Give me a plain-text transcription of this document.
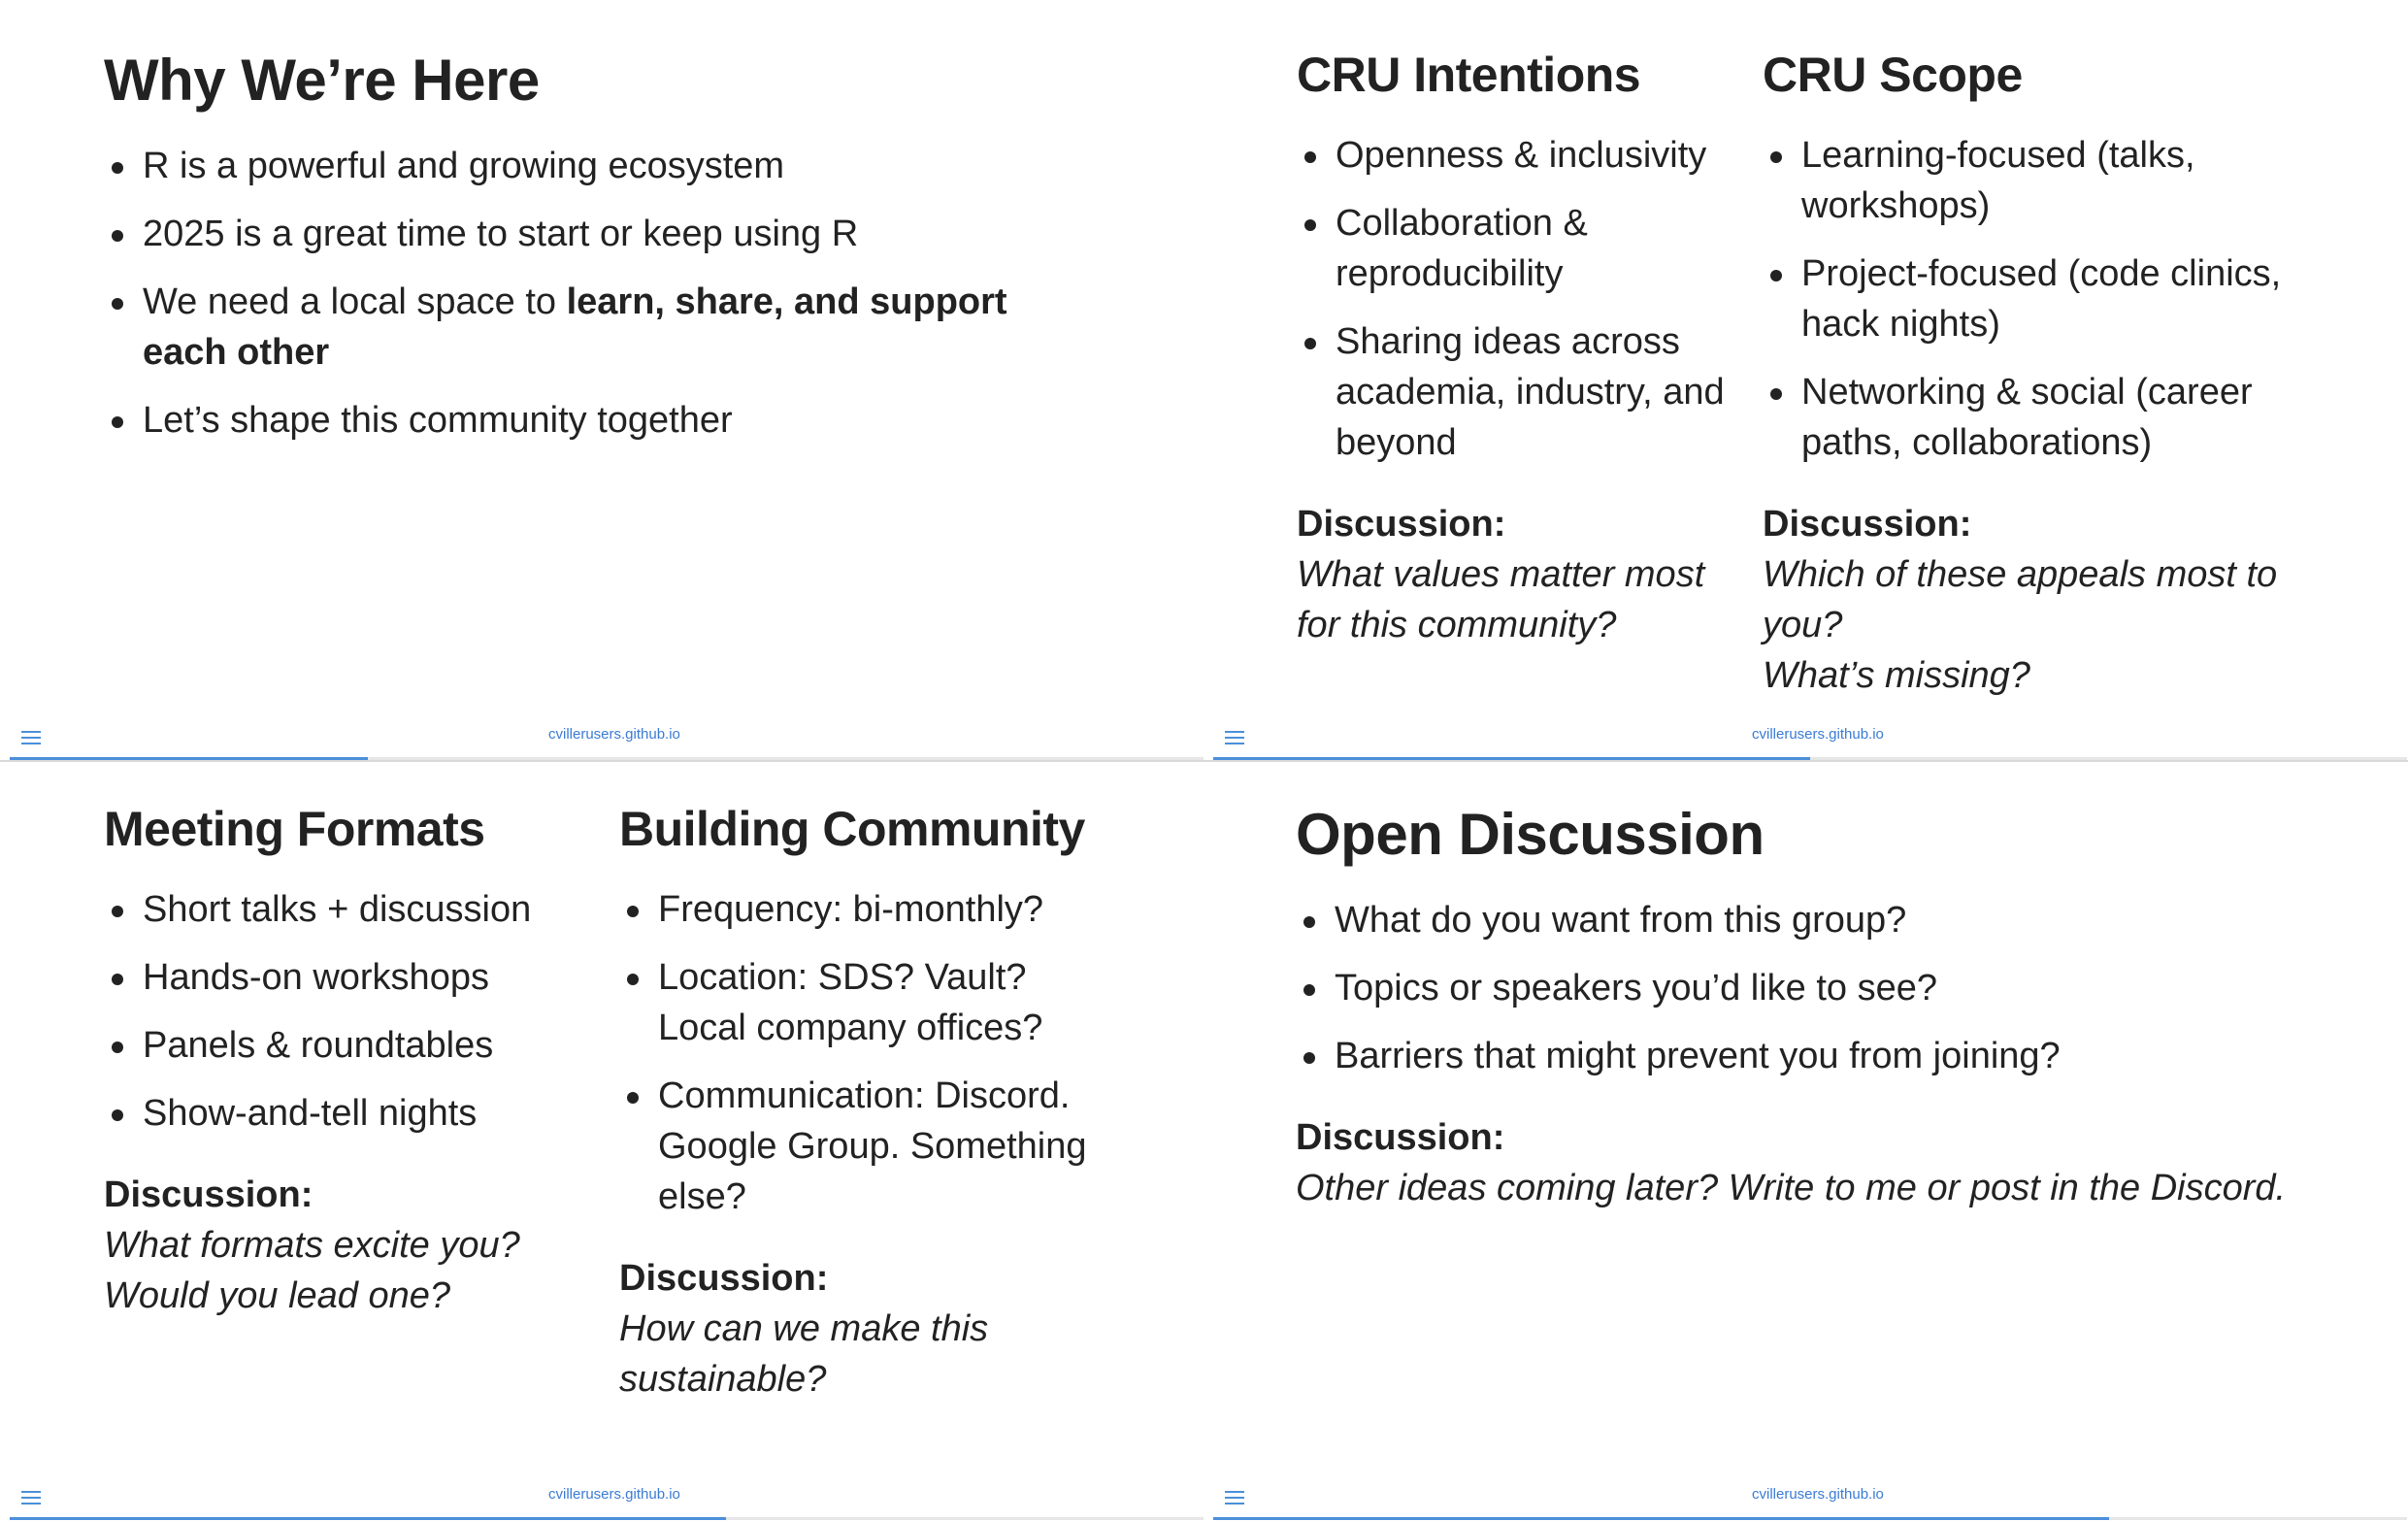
Why We’re Here
R is a powerful and growing ecosystem
2025 is a great time to start or keep using R
We need a local space to learn, share, and support each other
Let’s shape this community together
cvillerusers.github.io
CRU Intentions
Openness & inclusivity
Collaboration & reproducibility
Sharing ideas across academia, industry, and beyond

Discussion:

What values matter most for this community?

CRU Scope
Learning-focused (talks, workshops)
Project-focused (code clinics, hack nights)
Networking & social (career paths, collaborations)

Discussion:

Which of these appeals most to you?
What’s missing?

cvillerusers.github.io
Meeting Formats
Short talks + discussion
Hands-on workshops
Panels & roundtables
Show-and-tell nights

Discussion:

What formats excite you?
Would you lead one?

Building Community
Frequency: bi-monthly?
Location: SDS? Vault? Local company offices?
Communication: Discord. Google Group. Something else?

Discussion:

How can we make this sustainable?

cvillerusers.github.io
Open Discussion
What do you want from this group?
Topics or speakers you’d like to see?
Barriers that might prevent you from joining?

Discussion:

Other ideas coming later? Write to me or post in the Discord.

cvillerusers.github.io
